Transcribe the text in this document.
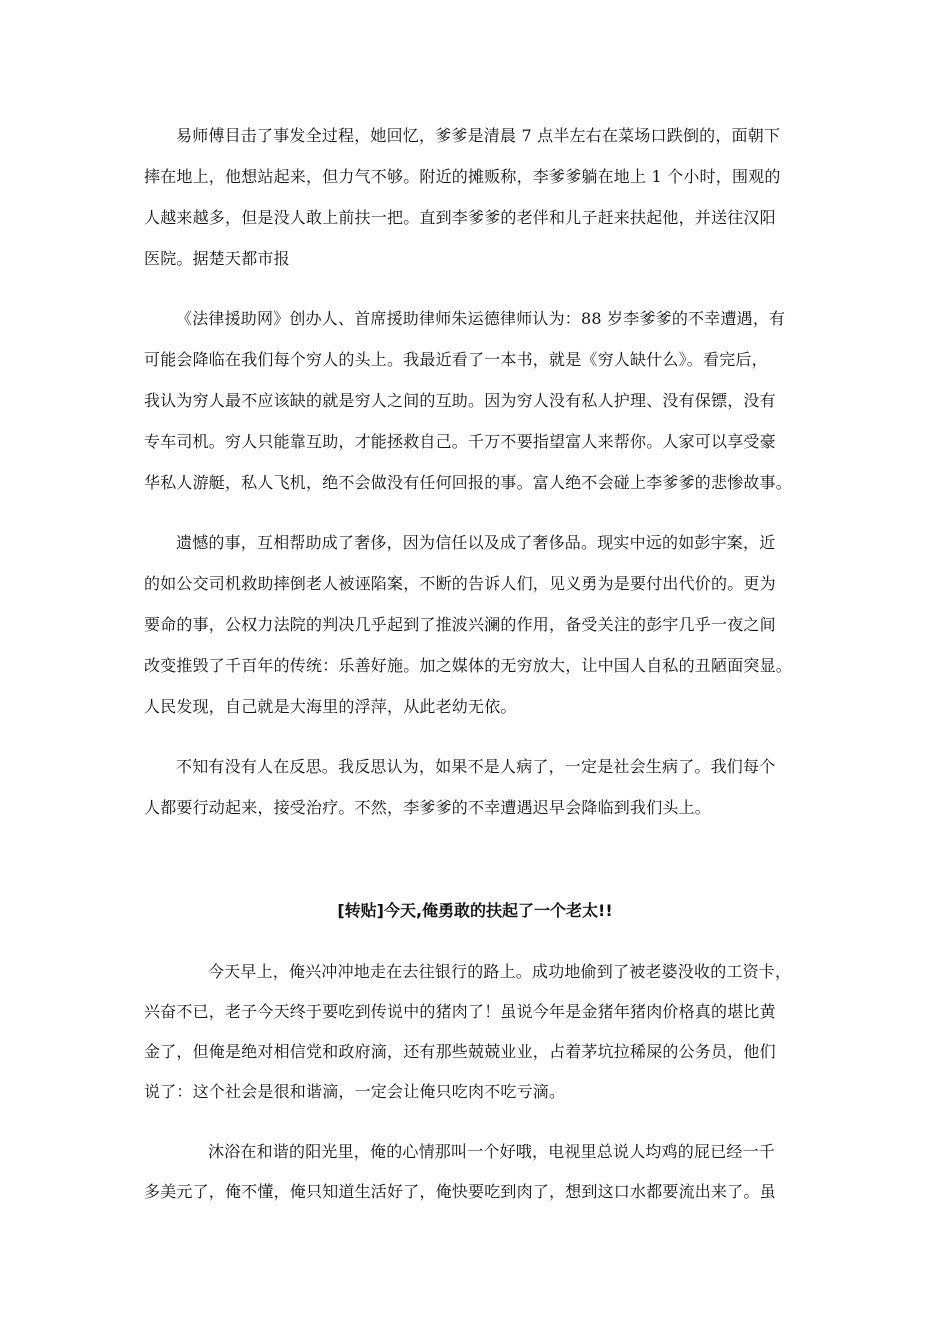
易师傅目击了事发全过程，她回忆，爹爹是清晨 7 点半左右在菜场口跌倒的，面朝下
摔在地上，他想站起来，但力气不够。附近的摊贩称，李爹爹躺在地上 1 个小时，围观的
人越来越多，但是没人敢上前扶一把。直到李爹爹的老伴和儿子赶来扶起他，并送往汉阳
医院。据楚天都市报
《法律援助网》创办人、首席援助律师朱运德律师认为：88 岁李爹爹的不幸遭遇，有
可能会降临在我们每个穷人的头上。我最近看了一本书，就是《穷人缺什么》。看完后，
我认为穷人最不应该缺的就是穷人之间的互助。因为穷人没有私人护理、没有保镖，没有
专车司机。穷人只能靠互助，才能拯救自己。千万不要指望富人来帮你。人家可以享受豪
华私人游艇，私人飞机，绝不会做没有任何回报的事。富人绝不会碰上李爹爹的悲惨故事。
遗憾的事，互相帮助成了奢侈，因为信任以及成了奢侈品。现实中远的如彭宇案，近
的如公交司机救助摔倒老人被诬陷案，不断的告诉人们，见义勇为是要付出代价的。更为
要命的事，公权力法院的判决几乎起到了推波兴澜的作用，备受关注的彭宇几乎一夜之间
改变推毁了千百年的传统：乐善好施。加之媒体的无穷放大，让中国人自私的丑陋面突显。
人民发现，自己就是大海里的浮萍，从此老幼无依。
不知有没有人在反思。我反思认为，如果不是人病了，一定是社会生病了。我们每个
人都要行动起来，接受治疗。不然，李爹爹的不幸遭遇迟早会降临到我们头上。
[转贴]今天,俺勇敢的扶起了一个老太!!
今天早上，俺兴冲冲地走在去往银行的路上。成功地偷到了被老婆没收的工资卡，
兴奋不已，老子今天终于要吃到传说中的猪肉了！虽说今年是金猪年猪肉价格真的堪比黄
金了，但俺是绝对相信党和政府滴，还有那些兢兢业业，占着茅坑拉稀屎的公务员，他们
说了：这个社会是很和谐滴，一定会让俺只吃肉不吃亏滴。
沐浴在和谐的阳光里，俺的心情那叫一个好哦，电视里总说人均鸡的屁已经一千
多美元了，俺不懂，俺只知道生活好了，俺快要吃到肉了，想到这口水都要流出来了。虽
